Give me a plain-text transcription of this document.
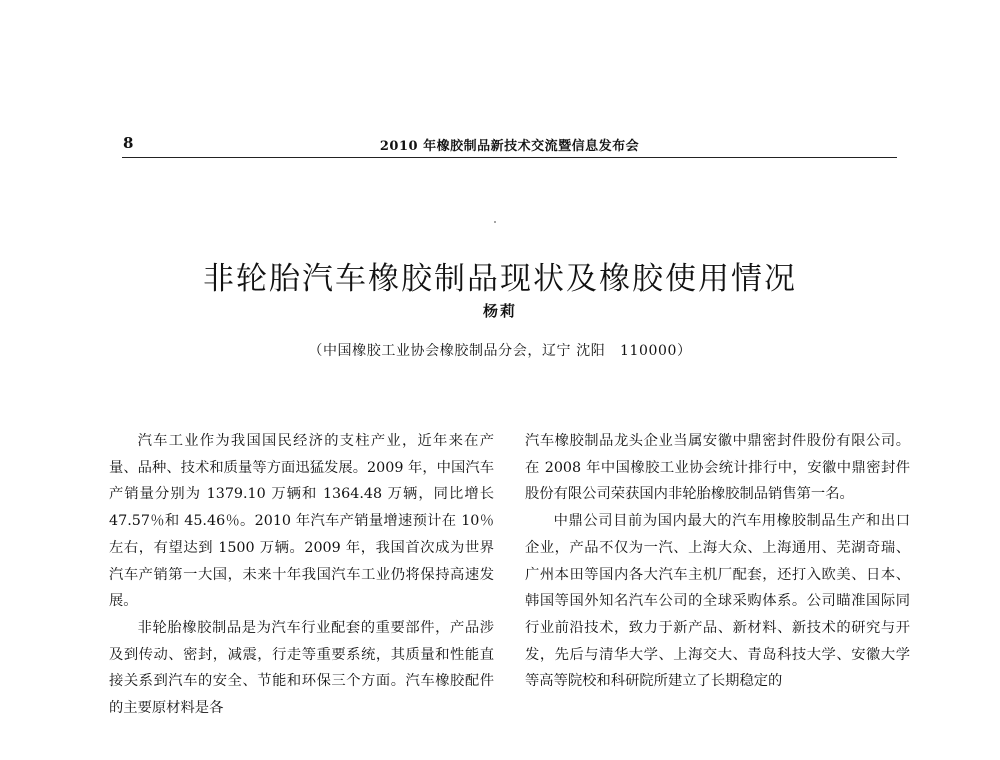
8	2010 年橡胶制品新技术交流暨信息发布会
非轮胎汽车橡胶制品现状及橡胶使用情况
杨莉
（中国橡胶工业协会橡胶制品分会，辽宁 沈阳　110000）

汽车工业作为我国国民经济的支柱产业，近年来在产量、品种、技术和质量等方面迅猛发展。2009 年，中国汽车产销量分别为 1379.10 万辆和 1364.48 万辆，同比增长 47.57％和 45.46％。2010 年汽车产销量增速预计在 10％左右，有望达到 1500 万辆。2009 年，我国首次成为世界汽车产销第一大国，未来十年我国汽车工业仍将保持高速发展。

非轮胎橡胶制品是为汽车行业配套的重要部件，产品涉及到传动、密封，减震，行走等重要系统，其质量和性能直接关系到汽车的安全、节能和环保三个方面。汽车橡胶配件的主要原材料是各

汽车橡胶制品龙头企业当属安徽中鼎密封件股份有限公司。在 2008 年中国橡胶工业协会统计排行中，安徽中鼎密封件股份有限公司荣获国内非轮胎橡胶制品销售第一名。

中鼎公司目前为国内最大的汽车用橡胶制品生产和出口企业，产品不仅为一汽、上海大众、上海通用、芜湖奇瑞、广州本田等国内各大汽车主机厂配套，还打入欧美、日本、韩国等国外知名汽车公司的全球采购体系。公司瞄准国际同行业前沿技术，致力于新产品、新材料、新技术的研究与开发，先后与清华大学、上海交大、青岛科技大学、安徽大学等高等院校和科研院所建立了长期稳定的
